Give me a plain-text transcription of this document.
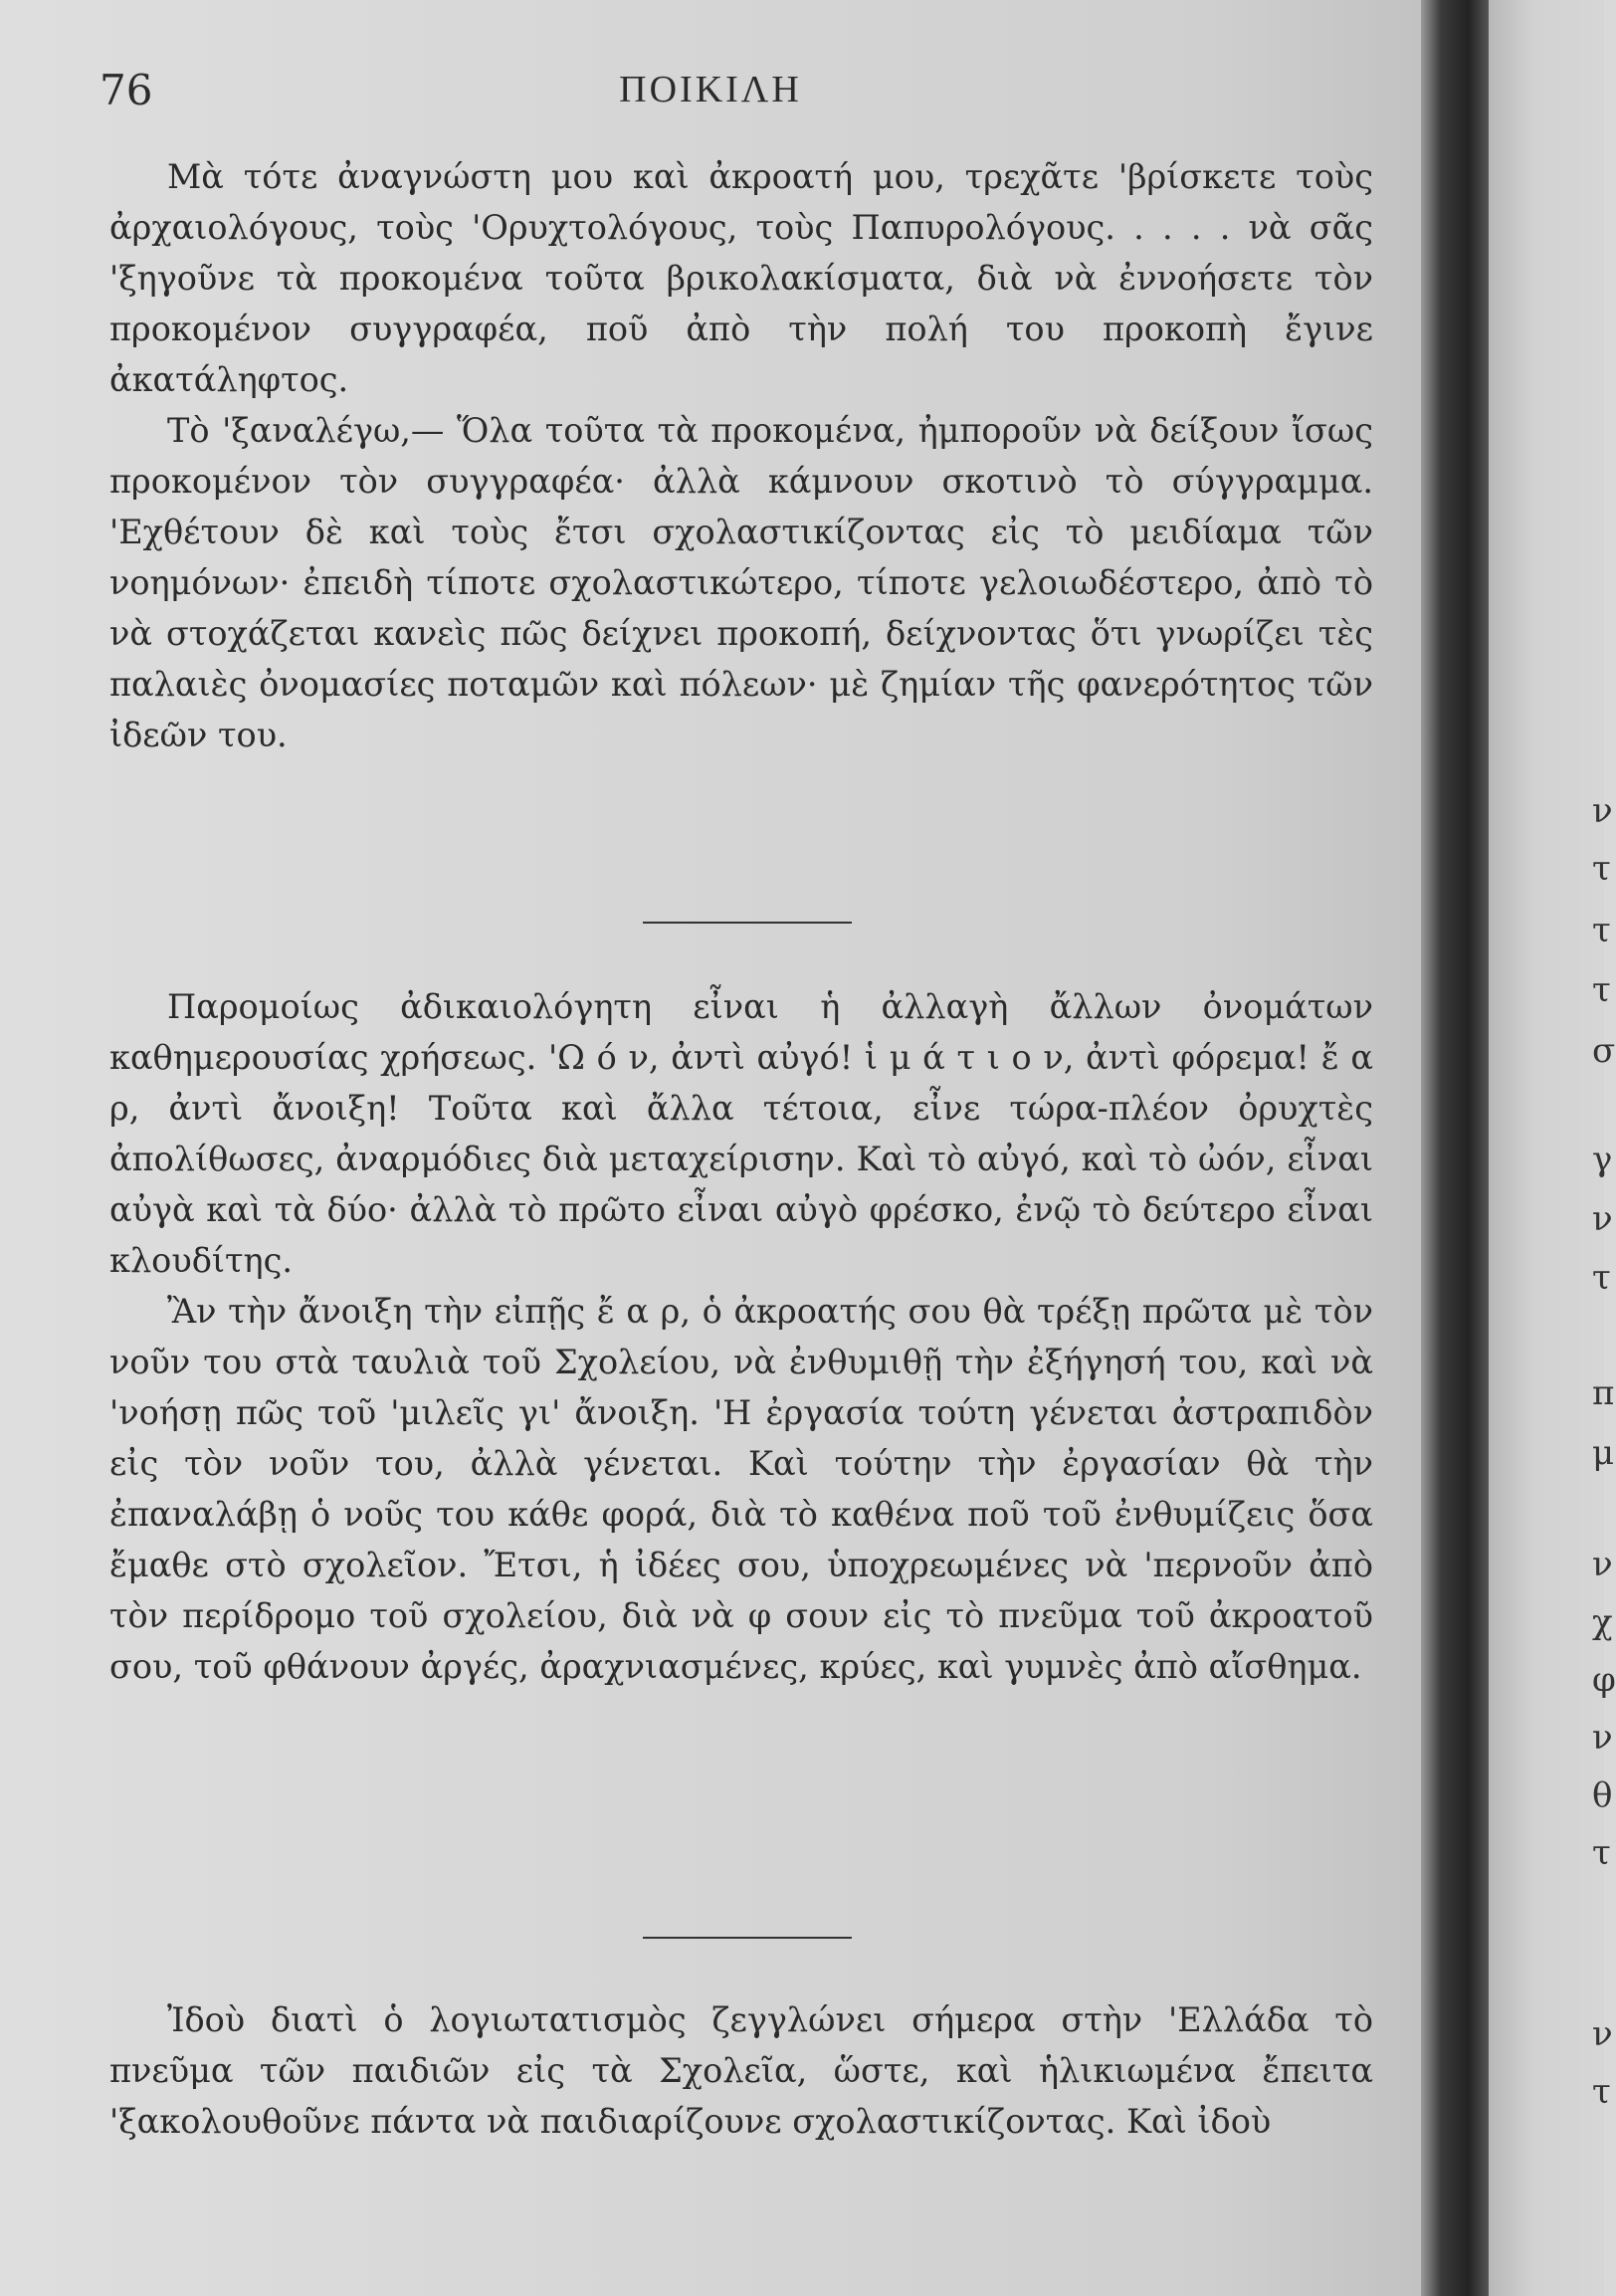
76	ΠΟΙΚΙΛΗ

Μὰ τότε ἀναγνώστη μου καὶ ἀκροατή μου, τρεχᾶτε 'βρίσκετε τοὺς ἀρχαιολόγους, τοὺς 'Ορυχτολόγους, τοὺς Παπυρολόγους. . . . . νὰ σᾶς 'ξηγοῦνε τὰ προκομένα τοῦτα βρικολακίσματα, διὰ νὰ ἐννοήσετε τὸν προκομένον συγγραφέα, ποῦ ἀπὸ τὴν πολή του προκοπὴ ἔγινε ἀκατάληφτος.

Τὸ 'ξαναλέγω,— Ὅλα τοῦτα τὰ προκομένα, ἠμποροῦν νὰ δείξουν ἴσως προκομένον τὸν συγγραφέα· ἀλλὰ κάμνουν σκοτινὸ τὸ σύγγραμμα. 'Εχθέτουν δὲ καὶ τοὺς ἔτσι σχολαστικίζοντας εἰς τὸ μειδίαμα τῶν νοημόνων· ἐπειδὴ τίποτε σχολαστικώτερο, τίποτε γελοιωδέστερο, ἀπὸ τὸ νὰ στοχάζεται κανεὶς πῶς δείχνει προκοπή, δείχνοντας ὅτι γνωρίζει τὲς παλαιὲς ὀνομασίες ποταμῶν καὶ πόλεων· μὲ ζημίαν τῆς φανερότητος τῶν ἰδεῶν του.

Παρομοίως ἀδικαιολόγητη εἶναι ἡ ἀλλαγὴ ἄλλων ὀνομάτων καθημερουσίας χρήσεως. 'Ω ό ν, ἀντὶ αὐγό! ἱ μ ά τ ι ο ν, ἀντὶ φόρεμα! ἔ α ρ, ἀντὶ ἄνοιξη! Τοῦτα καὶ ἄλλα τέτοια, εἶνε τώρα-πλέον ὀρυχτὲς ἀπολίθωσες, ἀναρμόδιες διὰ μεταχείρισην. Καὶ τὸ αὐγό, καὶ τὸ ὠόν, εἶναι αὐγὰ καὶ τὰ δύο· ἀλλὰ τὸ πρῶτο εἶναι αὐγὸ φρέσκο, ἐνῷ τὸ δεύτερο εἶναι κλουδίτης.

Ἂν τὴν ἄνοιξη τὴν εἰπῇς ἔ α ρ, ὁ ἀκροατής σου θὰ τρέξῃ πρῶτα μὲ τὸν νοῦν του στὰ ταυλιὰ τοῦ Σχολείου, νὰ ἐνθυμιθῇ τὴν ἐξήγησή του, καὶ νὰ 'νοήσῃ πῶς τοῦ 'μιλεῖς γι' ἄνοιξη. 'Η ἐργασία τούτη γένεται ἀστραπιδὸν εἰς τὸν νοῦν του, ἀλλὰ γένεται. Καὶ τούτην τὴν ἐργασίαν θὰ τὴν ἐπαναλάβῃ ὁ νοῦς του κάθε φορά, διὰ τὸ καθένα ποῦ τοῦ ἐνθυμίζεις ὅσα ἔμαθε στὸ σχολεῖον. Ἔτσι, ἡ ἰδέες σου, ὑποχρεωμένες νὰ 'περνοῦν ἀπὸ τὸν περίδρομο τοῦ σχολείου, διὰ νὰ φ σουν εἰς τὸ πνεῦμα τοῦ ἀκροατοῦ σου, τοῦ φθάνουν ἀργές, ἀραχνιασμένες, κρύες, καὶ γυμνὲς ἀπὸ αἴσθημα.

Ἰδοὺ διατὶ ὁ λογιωτατισμὸς ζεγγλώνει σήμερα στὴν 'Ελλάδα τὸ πνεῦμα τῶν παιδιῶν εἰς τὰ Σχολεῖα, ὥστε, καὶ ἡλικιωμένα ἔπειτα 'ξακολουθοῦνε πάντα νὰ παιδιαρίζουνε σχολαστικίζοντας. Καὶ ἰδοὺ

ν
τ
τ
τ
σ
γ
ν
τ
π
μ
ν
χ
φ
ν
θ
τ
ν
τ
